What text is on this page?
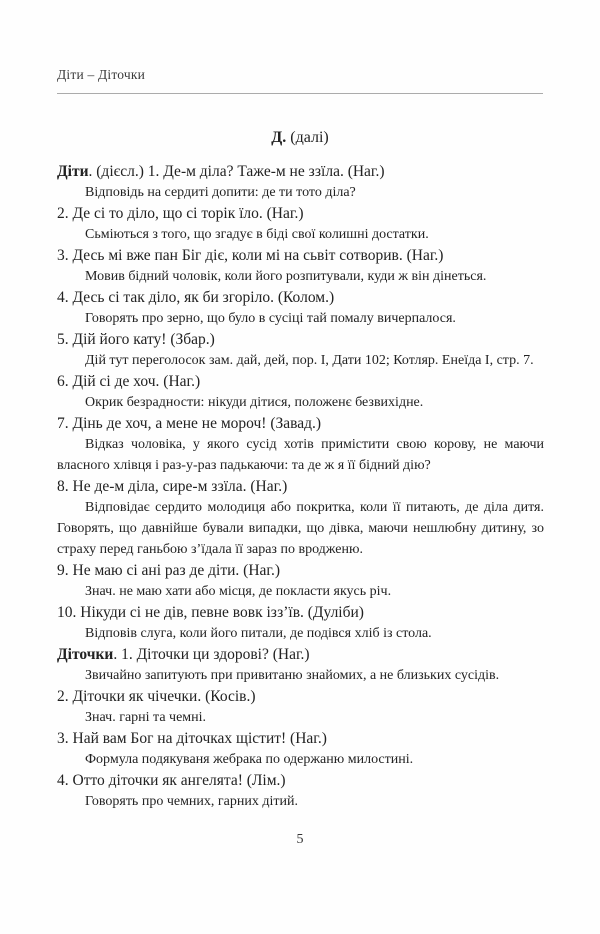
Діти – Діточки
Д. (далі)

Діти. (дієсл.) 1. Де-м діла? Таже-м не ззїла. (Наг.)

Відповідь на сердиті допити: де ти тото діла?

2. Де сі то діло, що сі торік їло. (Наг.)

Сьміються з того, що згадує в біді свої колишні достатки.

3. Десь мі вже пан Біг діє, коли мі на сьвіт сотворив. (Наг.)

Мовив бідний чоловік, коли його розпитували, куди ж він дінеться.

4. Десь сі так діло, як би згоріло. (Колом.)

Говорять про зерно, що було в сусіці тай помалу вичерпалося.

5. Дій його кату! (Збар.)

Дій тут переголосок зам. дай, дей, пор. I, Дати 102; Котляр. Енеїда I, стр. 7.

6. Дій сі де хоч. (Наг.)

Окрик безрадности: нікуди дітися, положенє безвихідне.

7. Дінь де хоч, а мене не мороч! (Завад.)

Відказ чоловіка, у якого сусід хотів примістити свою корову, не маючи власного хлівця і раз-у-раз падькаючи: та де ж я її бідний дію?

8. Не де-м діла, сире-м ззїла. (Наг.)

Відповідає сердито молодиця або покритка, коли її питають, де діла дитя. Говорять, що давнійше бували випадки, що дівка, маючи нешлюбну дитину, зо страху перед ганьбою з’їдала її зараз по вродженю.

9. Не маю сі ані раз де діти. (Наг.)

Знач. не маю хати або місця, де покласти якусь річ.

10. Нікуди сі не дів, певне вовк ізз’їв. (Дуліби)

Відповів слуга, коли його питали, де подівся хліб із стола.

Діточки. 1. Діточки ци здорові? (Наг.)

Звичайно запитують при привитаню знайомих, а не близьких сусідів.

2. Діточки як чічечки. (Косів.)

Знач. гарні та чемні.

3. Най вам Бог на діточках щістит! (Наг.)

Формула подякуваня жебрака по одержаню милостині.

4. Отто діточки як ангелята! (Лім.)

Говорять про чемних, гарних дітий.

5
